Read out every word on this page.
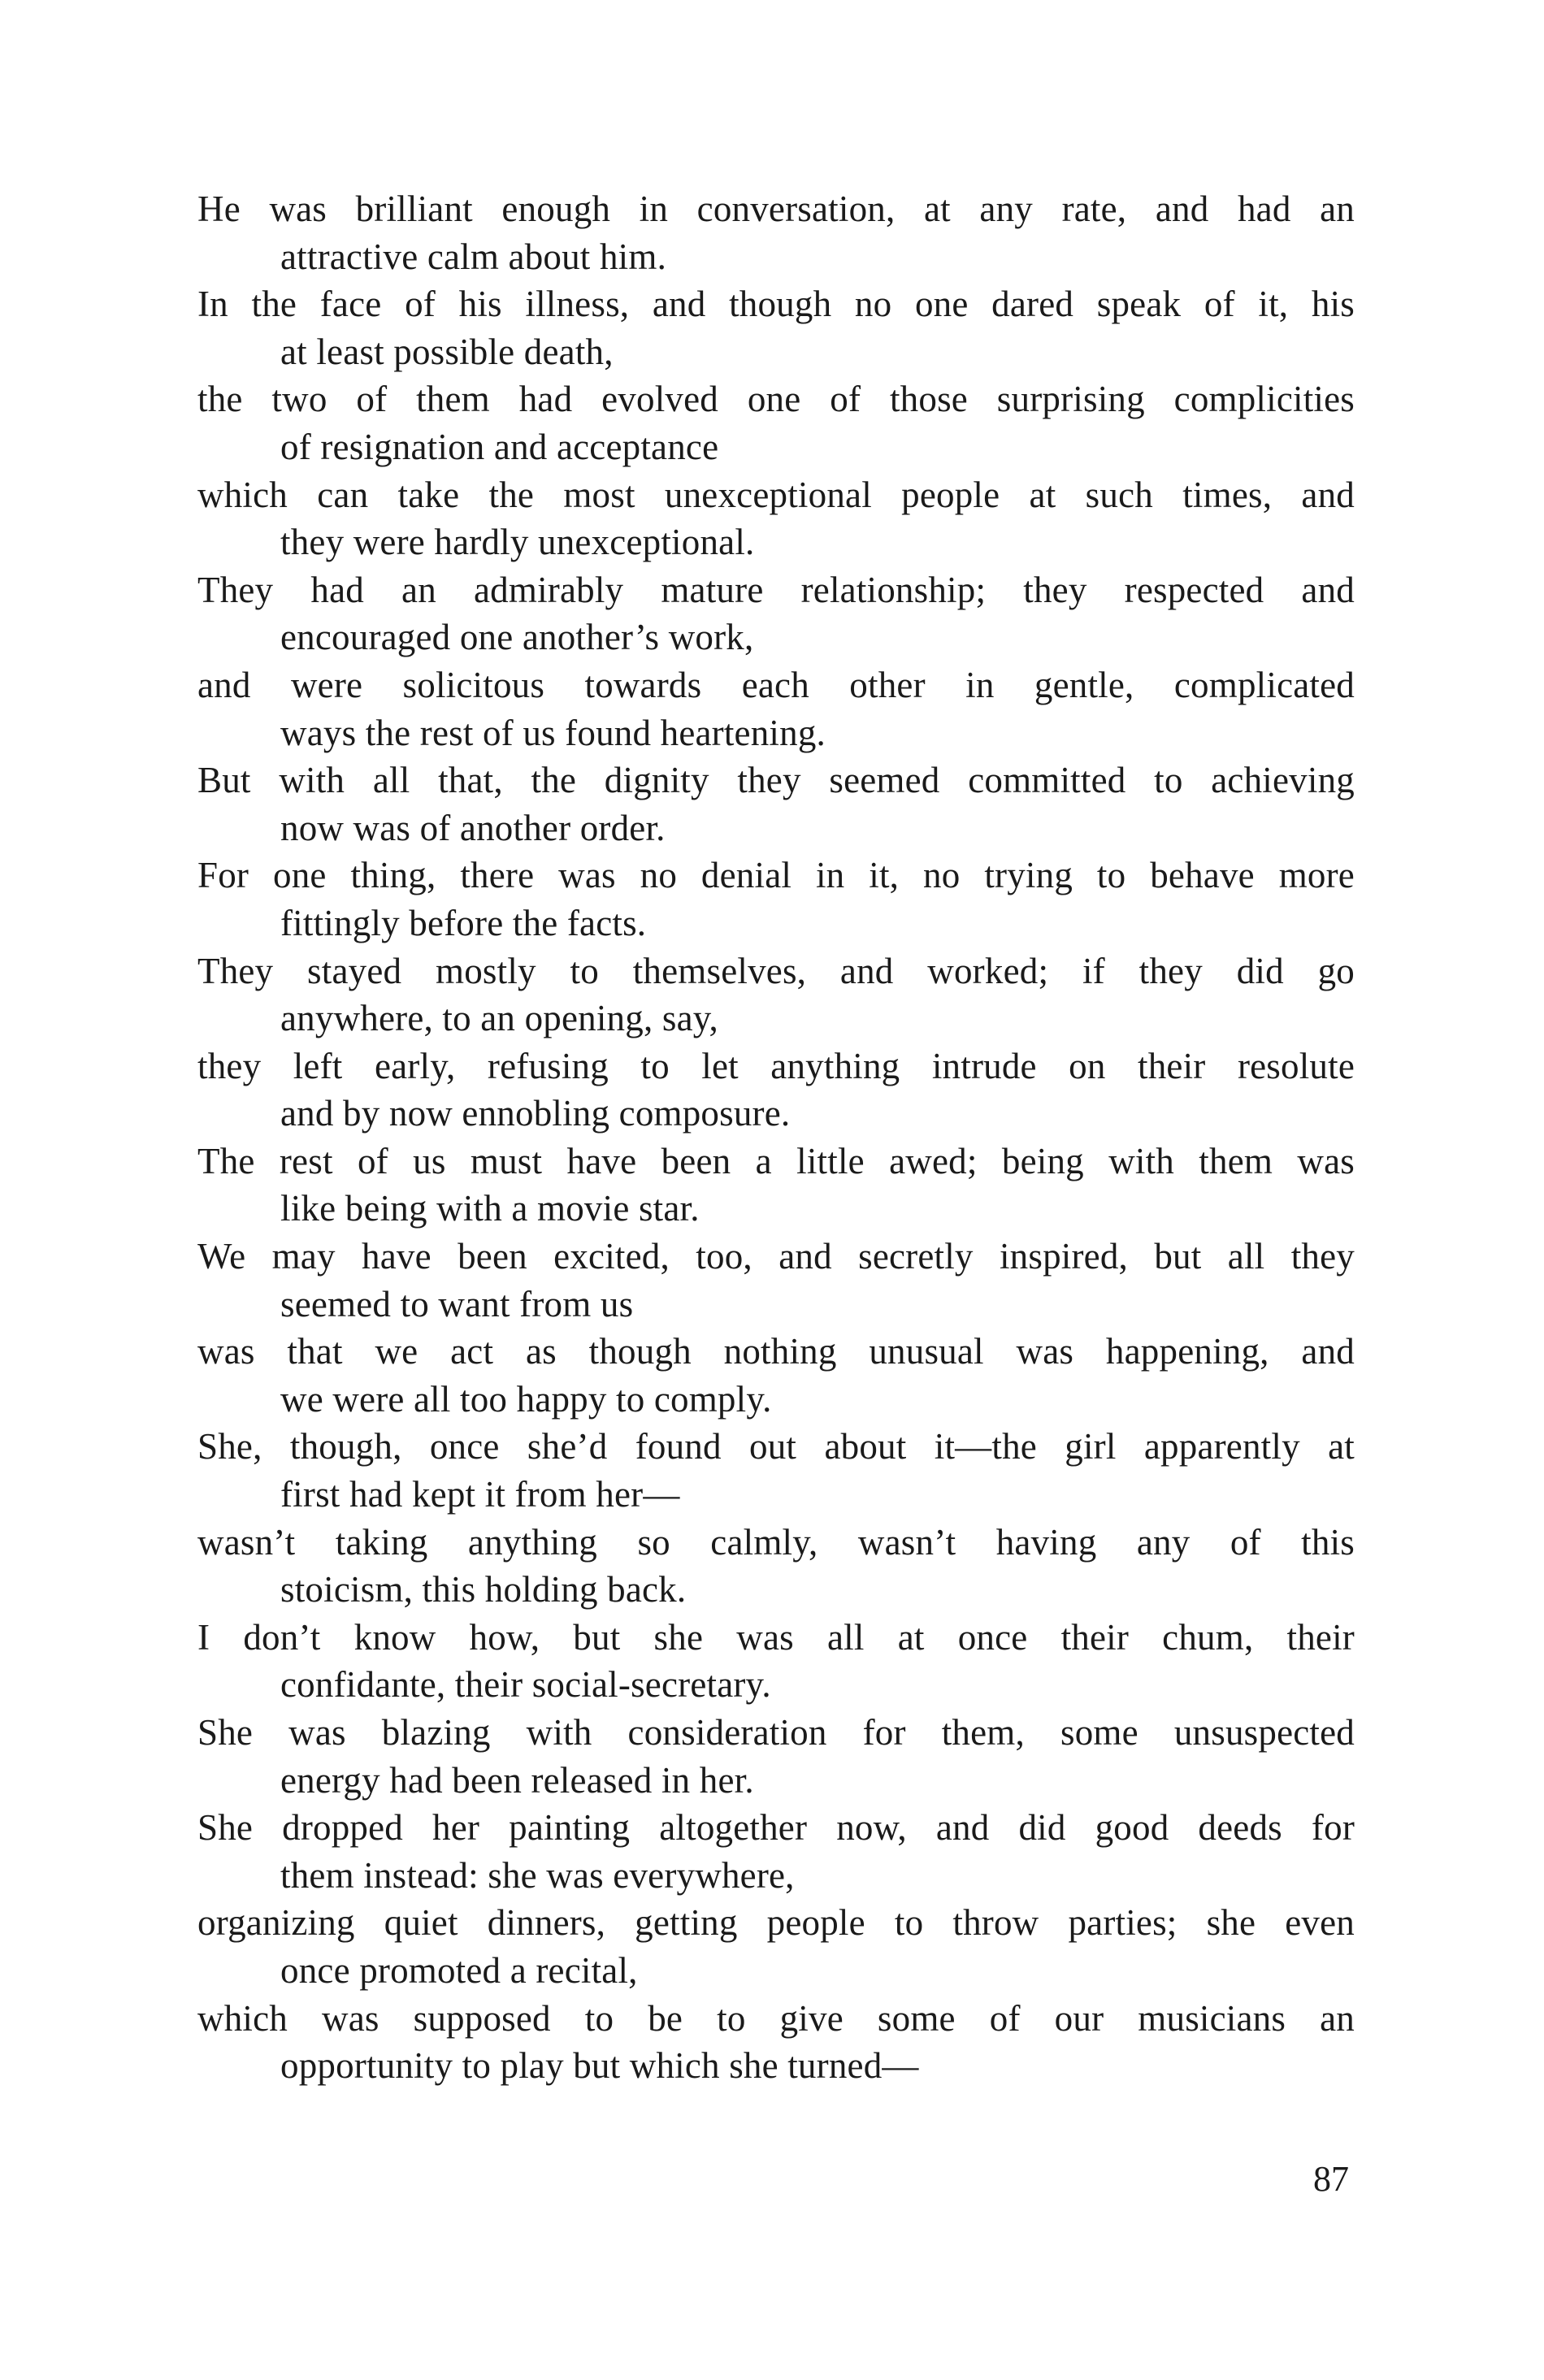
He was brilliant enough in conversation, at any rate, and had an
attractive calm about him.
In the face of his illness, and though no one dared speak of it, his
at least possible death,
the two of them had evolved one of those surprising complicities
of resignation and acceptance
which can take the most unexceptional people at such times, and
they were hardly unexceptional.
They had an admirably mature relationship; they respected and
encouraged one another’s work,
and were solicitous towards each other in gentle, complicated
ways the rest of us found heartening.
But with all that, the dignity they seemed committed to achieving
now was of another order.
For one thing, there was no denial in it, no trying to behave more
fittingly before the facts.
They stayed mostly to themselves, and worked; if they did go
anywhere, to an opening, say,
they left early, refusing to let anything intrude on their resolute
and by now ennobling composure.
The rest of us must have been a little awed; being with them was
like being with a movie star.
We may have been excited, too, and secretly inspired, but all they
seemed to want from us
was that we act as though nothing unusual was happening, and
we were all too happy to comply.
She, though, once she’d found out about it—the girl apparently at
first had kept it from her—
wasn’t taking anything so calmly, wasn’t having any of this
stoicism, this holding back.
I don’t know how, but she was all at once their chum, their
confidante, their social-secretary.
She was blazing with consideration for them, some unsuspected
energy had been released in her.
She dropped her painting altogether now, and did good deeds for
them instead: she was everywhere,
organizing quiet dinners, getting people to throw parties; she even
once promoted a recital,
which was supposed to be to give some of our musicians an
opportunity to play but which she turned—
87
